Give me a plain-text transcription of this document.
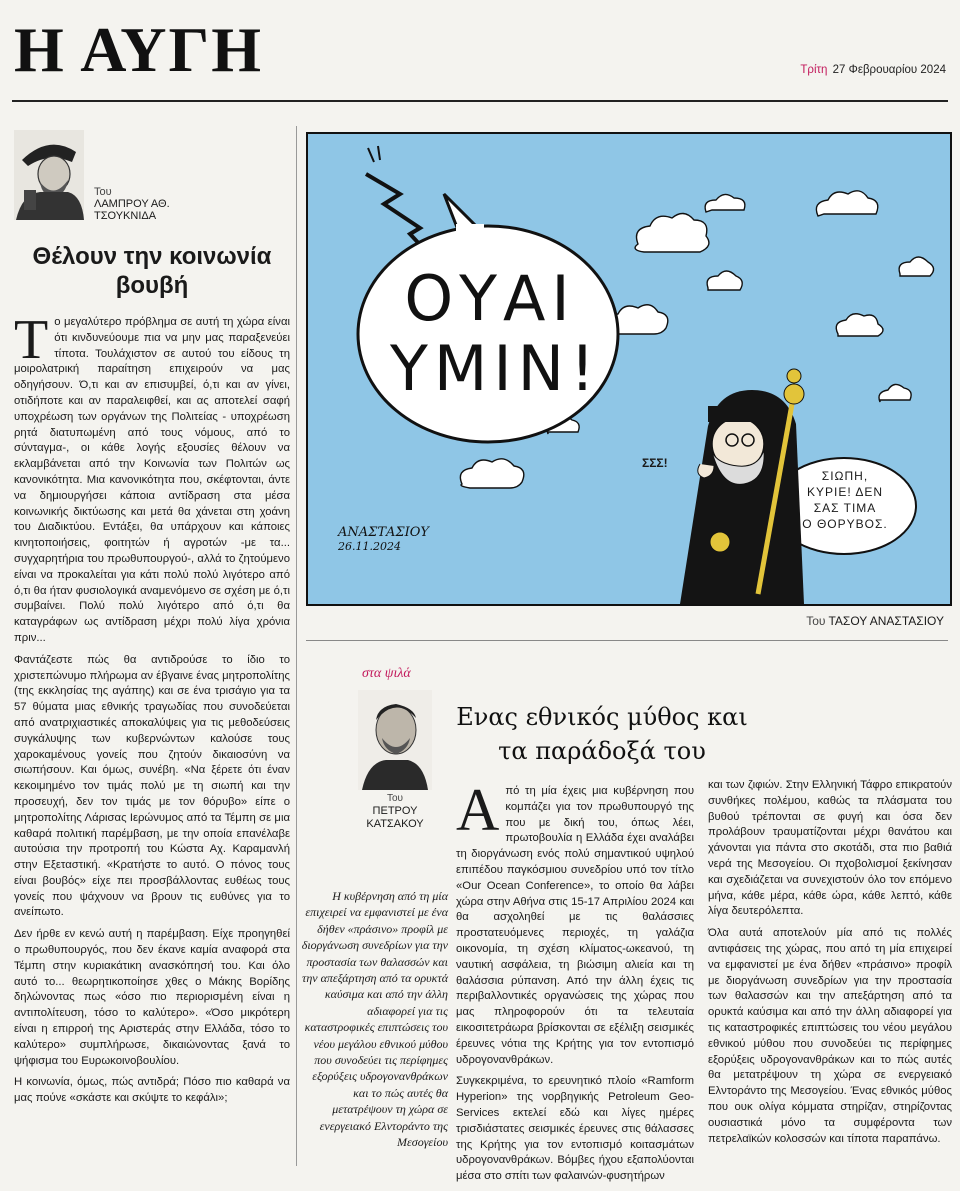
Η ΑΥΓΗ	Τρίτη 27 Φεβρουαρίου 2024
Του
ΛΑΜΠΡΟΥ ΑΘ. ΤΣΟΥΚΝΙΔΑ
Θέλουν την κοινωνία βουβή

Το μεγαλύτερο πρόβλημα σε αυτή τη χώρα είναι ότι κινδυνεύουμε πια να μην μας παραξενεύει τίποτα. Τουλάχιστον σε αυτού του είδους τη μοιρολατρική παραίτηση επιχειρούν να μας οδηγήσουν. Ό,τι και αν επισυμβεί, ό,τι και αν γίνει, οτιδήποτε και αν παραλειφθεί, και ας αποτελεί σαφή υποχρέωση των οργάνων της Πολιτείας - υποχρέωση ρητά διατυπωμένη από τους νόμους, από το σύνταγμα-, οι κάθε λογής εξουσίες θέλουν να εκλαμβάνεται από την Κοινωνία των Πολιτών ως κανονικότητα. Μια κανονικότητα που, σκέφτονται, άντε να δημιουργήσει κάποια αντίδραση στα μέσα κοινωνικής δικτύωσης και μετά θα χάνεται στη χοάνη του Διαδικτύου. Εντάξει, θα υπάρχουν και κάποιες κινητοποιήσεις, φοιτητών ή αγροτών -με τα... συγχαρητήρια του πρωθυπουργού-, αλλά το ζητούμενο είναι να προκαλείται για κάτι πολύ πολύ λιγότερο από ό,τι θα ήταν φυσιολογικά αναμενόμενο σε σχέση με ό,τι συμβαίνει. Πολύ πολύ λιγότερο από ό,τι θα καταγράφων ως αντίδραση μέχρι πολύ λίγα χρόνια πριν...

Φαντάζεστε πώς θα αντιδρούσε το ίδιο το χριστεπώνυμο πλήρωμα αν έβγαινε ένας μητροπολίτης (της εκκλησίας της αγάπης) και σε ένα τρισάγιο για τα 57 θύματα μιας εθνικής τραγωδίας που συνοδεύεται από ανατριχιαστικές αποκαλύψεις για τις μεθοδεύσεις συγκάλυψης των κυβερνώντων καλούσε τους χαροκαμένους γονείς που ζητούν δικαιοσύνη να σιωπήσουν. Και όμως, συνέβη. «Να ξέρετε ότι έναν κεκοιμημένο τον τιμάς πολύ με τη σιωπή και την προσευχή, δεν τον τιμάς με τον θόρυβο» είπε ο μητροπολίτης Λάρισας Ιερώνυμος από τα Τέμπη σε μια καθαρά πολιτική παρέμβαση, με την οποία επανέλαβε αυτούσια την προτροπή του Κώστα Αχ. Καραμανλή στην Εξεταστική. «Κρατήστε το αυτό. Ο πόνος τους είναι βουβός» είχε πει προσβάλλοντας ευθέως τους γονείς που ψάχνουν να βρουν τις ευθύνες για το ανείπωτο.

Δεν ήρθε εν κενώ αυτή η παρέμβαση. Είχε προηγηθεί ο πρωθυπουργός, που δεν έκανε καμία αναφορά στα Τέμπη στην κυριακάτικη ανασκόπησή του. Και όλο αυτό το... θεωρητικοποίησε χθες ο Μάκης Βορίδης δηλώνοντας πως «όσο πιο περιορισμένη είναι η αντιπολίτευση, τόσο το καλύτερο». «Όσο μικρότερη είναι η επιρροή της Αριστεράς στην Ελλάδα, τόσο το καλύτερο» συμπλήρωσε, δικαιώνοντας ξανά το ψήφισμα του Ευρωκοινοβουλίου.

Η κοινωνία, όμως, πώς αντιδρά; Πόσο πιο καθαρά να μας πούνε «σκάστε και σκύψτε το κεφάλι»;

ΟΥΑΙ
ΥΜΙΝ!
ΣΣΣ!
ΣΙΩΠΗ,
ΚΥΡΙΕ! ΔΕΝ
ΣΑΣ ΤΙΜΑ
Ο ΘΟΡΥΒΟΣ.
ΑΝΑΣΤΑΣΙΟΥ
26.11.2024
Του ΤΑΣΟΥ ΑΝΑΣΤΑΣΙΟΥ
στα ψιλά
Του
ΠΕΤΡΟΥ ΚΑΤΣΑΚΟΥ
Ενας εθνικός μύθος και τα παράδοξά του
Η κυβέρνηση από τη μία επιχειρεί να εμφανιστεί με ένα δήθεν «πράσινο» προφίλ με διοργάνωση συνεδρίων για την προστασία των θαλασσών και την απεξάρτηση από τα ορυκτά καύσιμα και από την άλλη αδιαφορεί για τις καταστροφικές επιπτώσεις του νέου μεγάλου εθνικού μύθου που συνοδεύει τις περίφημες εξορύξεις υδρογονανθράκων και το πώς αυτές θα μετατρέψουν τη χώρα σε ενεργειακό Ελντοράντο της Μεσογείου

Από τη μία έχεις μια κυβέρνηση που κομπάζει για τον πρωθυπουργό της που με δική του, όπως λέει, πρωτοβουλία η Ελλάδα έχει αναλάβει τη διοργάνωση ενός πολύ σημαντικού υψηλού επιπέδου παγκόσμιου συνεδρίου υπό τον τίτλο «Our Ocean Conference», το οποίο θα λάβει χώρα στην Αθήνα στις 15-17 Απριλίου 2024 και θα ασχοληθεί με τις θαλάσσιες προστατευόμενες περιοχές, τη γαλάζια οικονομία, τη σχέση κλίματος-ωκεανού, τη ναυτική ασφάλεια, τη βιώσιμη αλιεία και τη θαλάσσια ρύπανση. Από την άλλη έχεις τις περιβαλλοντικές οργανώσεις της χώρας που μας πληροφορούν ότι τα τελευταία εικοσιτετράωρα βρίσκονται σε εξέλιξη σεισμικές έρευνες νότια της Κρήτης για τον εντοπισμό υδρογονανθράκων.

Συγκεκριμένα, το ερευνητικό πλοίο «Ramform Hyperion» της νορβηγικής Petroleum Geo-Services εκτελεί εδώ και λίγες ημέρες τρισδιάστατες σεισμικές έρευνες στις θάλασσες της Κρήτης για τον εντοπισμό κοιτασμάτων υδρογονανθράκων. Βόμβες ήχου εξαπολύονται μέσα στο σπίτι των φαλαινών-φυσητήρων

και των ζιφιών. Στην Ελληνική Τάφρο επικρατούν συνθήκες πολέμου, καθώς τα πλάσματα του βυθού τρέπονται σε φυγή και όσα δεν προλάβουν τραυματίζονται μέχρι θανάτου και χάνονται για πάντα στο σκοτάδι, στα πιο βαθιά νερά της Μεσογείου. Οι πχοβολισμοί ξεκίνησαν και σχεδιάζεται να συνεχιστούν όλο τον επόμενο μήνα, κάθε μέρα, κάθε ώρα, κάθε λεπτό, κάθε λίγα δευτερόλεπτα.

Όλα αυτά αποτελούν μία από τις πολλές αντιφάσεις της χώρας, που από τη μία επιχειρεί να εμφανιστεί με ένα δήθεν «πράσινο» προφίλ με διοργάνωση συνεδρίων για την προστασία των θαλασσών και την απεξάρτηση από τα ορυκτά καύσιμα και από την άλλη αδιαφορεί για τις καταστροφικές επιπτώσεις του νέου μεγάλου εθνικού μύθου που συνοδεύει τις περίφημες εξορύξεις υδρογονανθράκων και το πώς αυτές θα μετατρέψουν τη χώρα σε ενεργειακό Ελντοράντο της Μεσογείου. Ένας εθνικός μύθος που ουκ ολίγα κόμματα στηρίζαν, στηρίζοντας ουσιαστικά μόνο τα συμφέροντα των πετρελαϊκών κολοσσών και τίποτα παραπάνω.
